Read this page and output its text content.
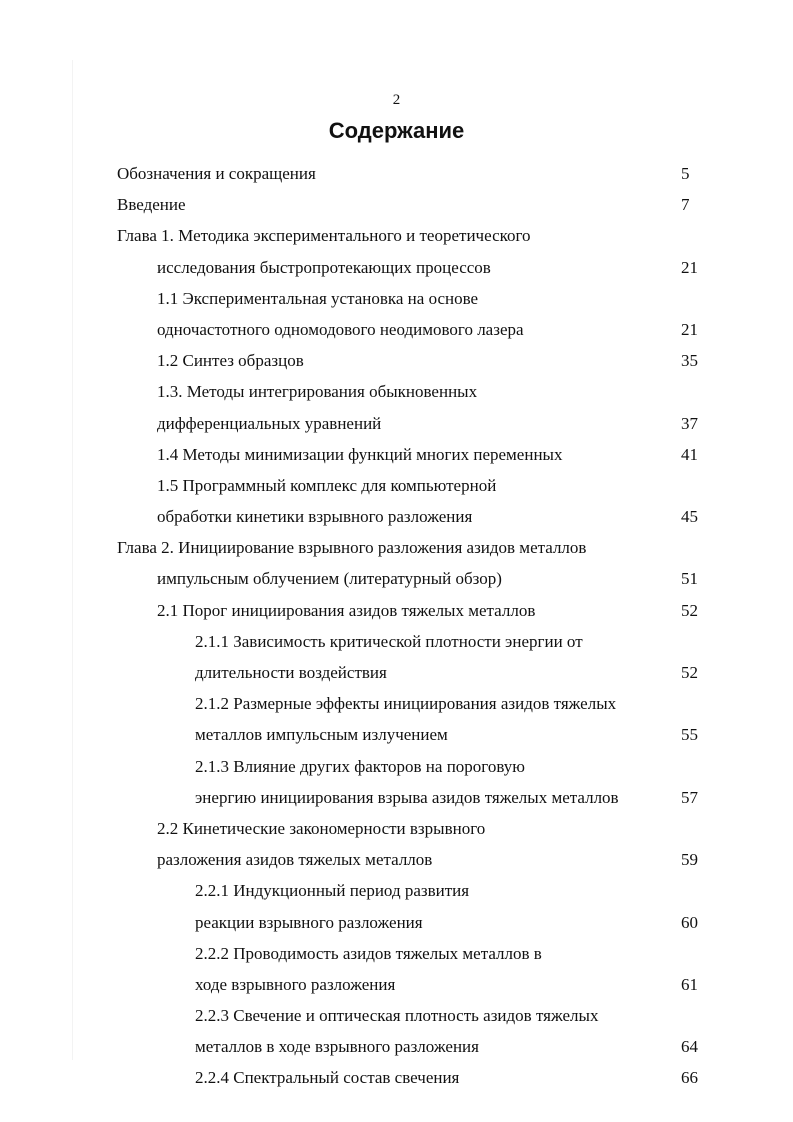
2
Содержание
Обозначения и сокращения	5
Введение	7
Глава 1. Методика экспериментального и теоретического
исследования быстропротекающих процессов	21
1.1 Экспериментальная установка на основе
одночастотного одномодового неодимового лазера	21
1.2 Синтез образцов	35
1.3. Методы интегрирования обыкновенных
дифференциальных уравнений	37
1.4 Методы минимизации функций многих переменных	41
1.5 Программный комплекс для компьютерной
обработки кинетики взрывного разложения	45
Глава 2. Инициирование взрывного разложения азидов металлов
импульсным облучением (литературный обзор)	51
2.1 Порог инициирования азидов тяжелых металлов	52
2.1.1 Зависимость критической плотности энергии от
длительности воздействия	52
2.1.2 Размерные эффекты инициирования азидов тяжелых
металлов импульсным излучением	55
2.1.3 Влияние других факторов на пороговую
энергию инициирования взрыва азидов тяжелых металлов	57
2.2 Кинетические закономерности взрывного
разложения азидов тяжелых металлов	59
2.2.1 Индукционный период развития
реакции взрывного разложения	60
2.2.2 Проводимость азидов тяжелых металлов в
ходе взрывного разложения	61
2.2.3 Свечение и оптическая плотность азидов тяжелых
металлов в ходе взрывного разложения	64
2.2.4 Спектральный состав свечения	66
